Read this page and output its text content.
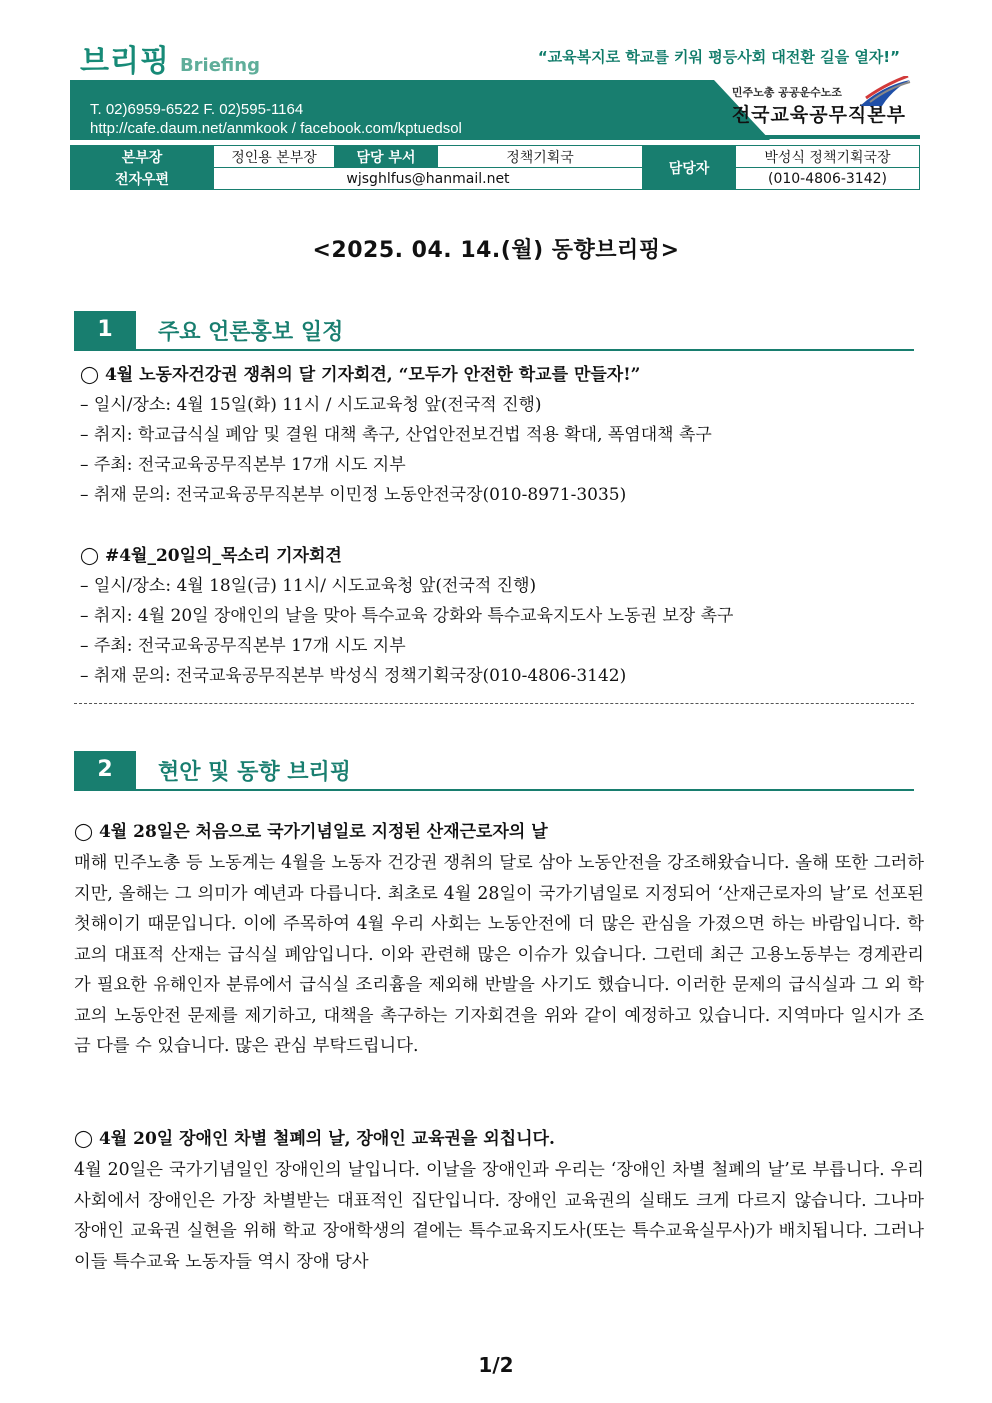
브리핑 Briefing	“교육복지로 학교를 키워 평등사회 대전환 길을 열자!”
T. 02)6959-6522 F. 02)595-1164
http://cafe.daum.net/anmkook / facebook.com/kptuedsol
민주노총 공공운수노조
전국교육공무직본부
본부장	정인용 본부장	담당 부서	정책기획국	담당자	박성식 정책기획국장
전자우편	wjsghlfus@hanmail.net				(010-4806-3142)
<2025. 04. 14.(월) 동향브리핑>
1	주요 언론홍보 일정
◯ 4월 노동자건강권 쟁취의 달 기자회견, “모두가 안전한 학교를 만들자!”
– 일시/장소: 4월 15일(화) 11시 / 시도교육청 앞(전국적 진행)
– 취지: 학교급식실 폐암 및 결원 대책 촉구, 산업안전보건법 적용 확대, 폭염대책 촉구
– 주최: 전국교육공무직본부 17개 시도 지부
– 취재 문의: 전국교육공무직본부 이민정 노동안전국장(010-8971-3035)
◯ #4월_20일의_목소리 기자회견
– 일시/장소: 4월 18일(금) 11시/ 시도교육청 앞(전국적 진행)
– 취지: 4월 20일 장애인의 날을 맞아 특수교육 강화와 특수교육지도사 노동권 보장 촉구
– 주최: 전국교육공무직본부 17개 시도 지부
– 취재 문의: 전국교육공무직본부 박성식 정책기획국장(010-4806-3142)
2	현안 및 동향 브리핑
◯ 4월 28일은 처음으로 국가기념일로 지정된 산재근로자의 날
매해 민주노총 등 노동계는 4월을 노동자 건강권 쟁취의 달로 삼아 노동안전을 강조해왔습니다. 올해 또한 그러하지만, 올해는 그 의미가 예년과 다릅니다. 최초로 4월 28일이 국가기념일로 지정되어 ‘산재근로자의 날’로 선포된 첫해이기 때문입니다. 이에 주목하여 4월 우리 사회는 노동안전에 더 많은 관심을 가졌으면 하는 바람입니다. 학교의 대표적 산재는 급식실 폐암입니다. 이와 관련해 많은 이슈가 있습니다. 그런데 최근 고용노동부는 경계관리가 필요한 유해인자 분류에서 급식실 조리흄을 제외해 반발을 사기도 했습니다. 이러한 문제의 급식실과 그 외 학교의 노동안전 문제를 제기하고, 대책을 촉구하는 기자회견을 위와 같이 예정하고 있습니다. 지역마다 일시가 조금 다를 수 있습니다. 많은 관심 부탁드립니다.
◯ 4월 20일 장애인 차별 철폐의 날, 장애인 교육권을 외칩니다.
4월 20일은 국가기념일인 장애인의 날입니다. 이날을 장애인과 우리는 ‘장애인 차별 철폐의 날’로 부릅니다. 우리 사회에서 장애인은 가장 차별받는 대표적인 집단입니다. 장애인 교육권의 실태도 크게 다르지 않습니다. 그나마 장애인 교육권 실현을 위해 학교 장애학생의 곁에는 특수교육지도사(또는 특수교육실무사)가 배치됩니다. 그러나 이들 특수교육 노동자들 역시 장애 당사
1/2
